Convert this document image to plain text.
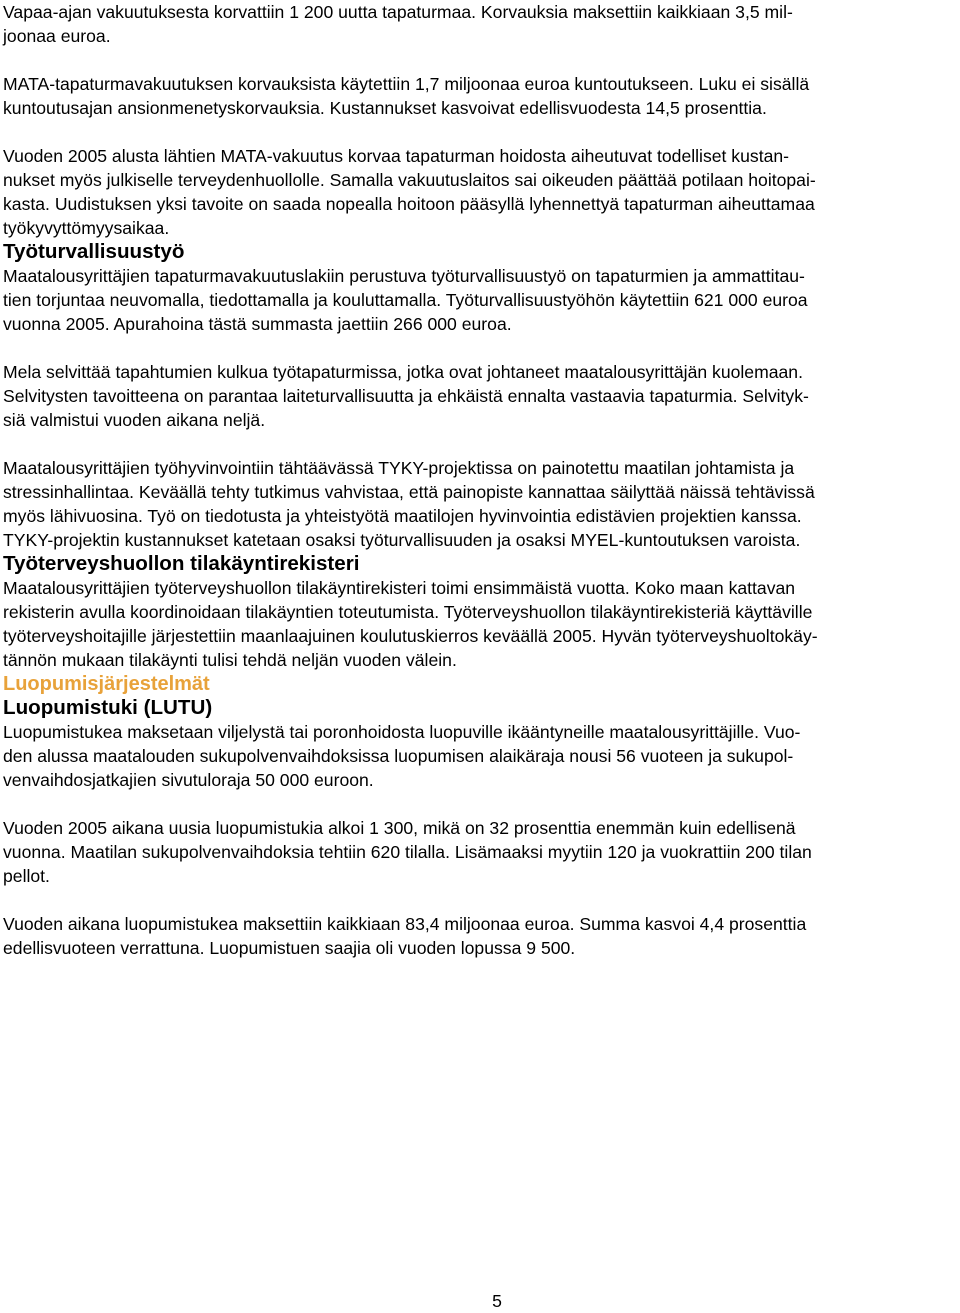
Vapaa-ajan vakuutuksesta korvattiin 1 200 uutta tapaturmaa. Korvauksia maksettiin kaikkiaan 3,5 mil-
joonaa euroa.

MATA-tapaturmavakuutuksen korvauksista käytettiin 1,7 miljoonaa euroa kuntoutukseen. Luku ei sisällä
kuntoutusajan ansionmenetyskorvauksia. Kustannukset kasvoivat edellisvuodesta 14,5 prosenttia.

Vuoden 2005 alusta lähtien MATA-vakuutus korvaa tapaturman hoidosta aiheutuvat todelliset kustan-
nukset myös julkiselle terveydenhuollolle. Samalla vakuutuslaitos sai oikeuden päättää potilaan hoitopai-
kasta. Uudistuksen yksi tavoite on saada nopealla hoitoon pääsyllä lyhennettyä tapaturman aiheuttamaa
työkyvyttömyysaikaa.

Työturvallisuustyö

Maatalousyrittäjien tapaturmavakuutuslakiin perustuva työturvallisuustyö on tapaturmien ja ammattitau-
tien torjuntaa neuvomalla, tiedottamalla ja kouluttamalla. Työturvallisuustyöhön käytettiin 621 000 euroa
vuonna 2005. Apurahoina tästä summasta jaettiin 266 000 euroa.

Mela selvittää tapahtumien kulkua työtapaturmissa, jotka ovat johtaneet maatalousyrittäjän kuolemaan.
Selvitysten tavoitteena on parantaa laiteturvallisuutta ja ehkäistä ennalta vastaavia tapaturmia. Selvityk-
siä valmistui vuoden aikana neljä.

Maatalousyrittäjien työhyvinvointiin tähtäävässä TYKY-projektissa on painotettu maatilan johtamista ja
stressinhallintaa. Keväällä tehty tutkimus vahvistaa, että painopiste kannattaa säilyttää näissä tehtävissä
myös lähivuosina. Työ on tiedotusta ja yhteistyötä maatilojen hyvinvointia edistävien projektien kanssa.
TYKY-projektin kustannukset katetaan osaksi työturvallisuuden ja osaksi MYEL-kuntoutuksen varoista.

Työterveyshuollon tilakäyntirekisteri

Maatalousyrittäjien työterveyshuollon tilakäyntirekisteri toimi ensimmäistä vuotta. Koko maan kattavan
rekisterin avulla koordinoidaan tilakäyntien toteutumista. Työterveyshuollon tilakäyntirekisteriä käyttäville
työterveyshoitajille järjestettiin maanlaajuinen koulutuskierros keväällä 2005. Hyvän työterveyshuoltokäy-
tännön mukaan tilakäynti tulisi tehdä neljän vuoden välein.

Luopumisjärjestelmät
Luopumistuki (LUTU)

Luopumistukea maksetaan viljelystä tai poronhoidosta luopuville ikääntyneille maatalousyrittäjille. Vuo-
den alussa maatalouden sukupolvenvaihdoksissa luopumisen alaikäraja nousi 56 vuoteen ja sukupol-
venvaihdosjatkajien sivutuloraja 50 000 euroon.

Vuoden 2005 aikana uusia luopumistukia alkoi 1 300, mikä on 32 prosenttia enemmän kuin edellisenä
vuonna. Maatilan sukupolvenvaihdoksia tehtiin 620 tilalla. Lisämaaksi myytiin 120 ja vuokrattiin 200 tilan
pellot.

Vuoden aikana luopumistukea maksettiin kaikkiaan 83,4 miljoonaa euroa. Summa kasvoi 4,4 prosenttia
edellisvuoteen verrattuna. Luopumistuen saajia oli vuoden lopussa 9 500.

5
